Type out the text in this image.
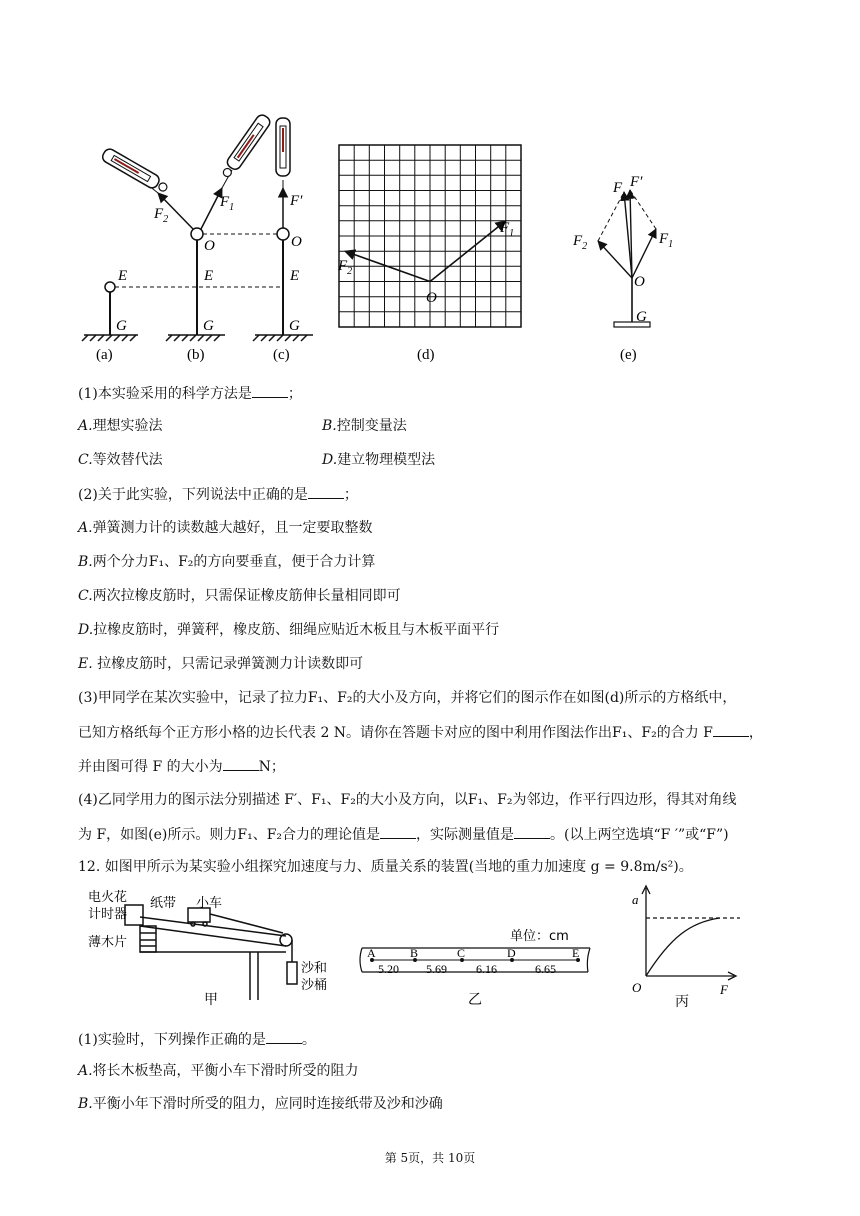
E
G
$F_2$
$F_1$
O
E
G
F′
O
E
G
(a)	(b)	(c)
$F_2$
$F_1$
O
(d)
$F_2$	$F_1$
F F′
O
G
(e)
(1)本实验采用的科学方法是	；
A.理想实验法	B.控制变量法
C.等效替代法	D.建立物理模型法
(2)关于此实验，下列说法中正确的是	；
A.弹簧测力计的读数越大越好，且一定要取整数
B.两个分力F₁、F₂的方向要垂直，便于合力计算
C.两次拉橡皮筋时，只需保证橡皮筋伸长量相同即可
D.拉橡皮筋时，弹簧秤，橡皮筋、细绳应贴近木板且与木板平面平行
E. 拉橡皮筋时，只需记录弹簧测力计读数即可
(3)甲同学在某次实验中，记录了拉力F₁、F₂的大小及方向，并将它们的图示作在如图(d)所示的方格纸中，
已知方格纸每个正方形小格的边长代表 2 N。请你在答题卡对应的图中利用作图法作出F₁、F₂的合力 F	，
并由图可得 F 的大小为	N；
(4)乙同学用力的图示法分别描述 F′、F₁、F₂的大小及方向，以F₁、F₂为邻边，作平行四边形，得其对角线
为 F，如图(e)所示。则力F₁、F₂合力的理论值是	，实际测量值是	。(以上两空选填“F ′”或“F”)
12. 如图甲所示为某实验小组探究加速度与力、质量关系的装置(当地的重力加速度 g = 9.8m/s²)。
电火花
计时器
纸带 小车
薄木片
沙和
沙桶
甲
单位：cm
A	B	C	D	E
5.20 5.69 6.16	6.65
乙
a
O	F
丙
(1)实验时，下列操作正确的是	。
A.将长木板垫高，平衡小车下滑时所受的阻力
B.平衡小年下滑时所受的阻力，应同时连接纸带及沙和沙确
第 5页，共 10页
